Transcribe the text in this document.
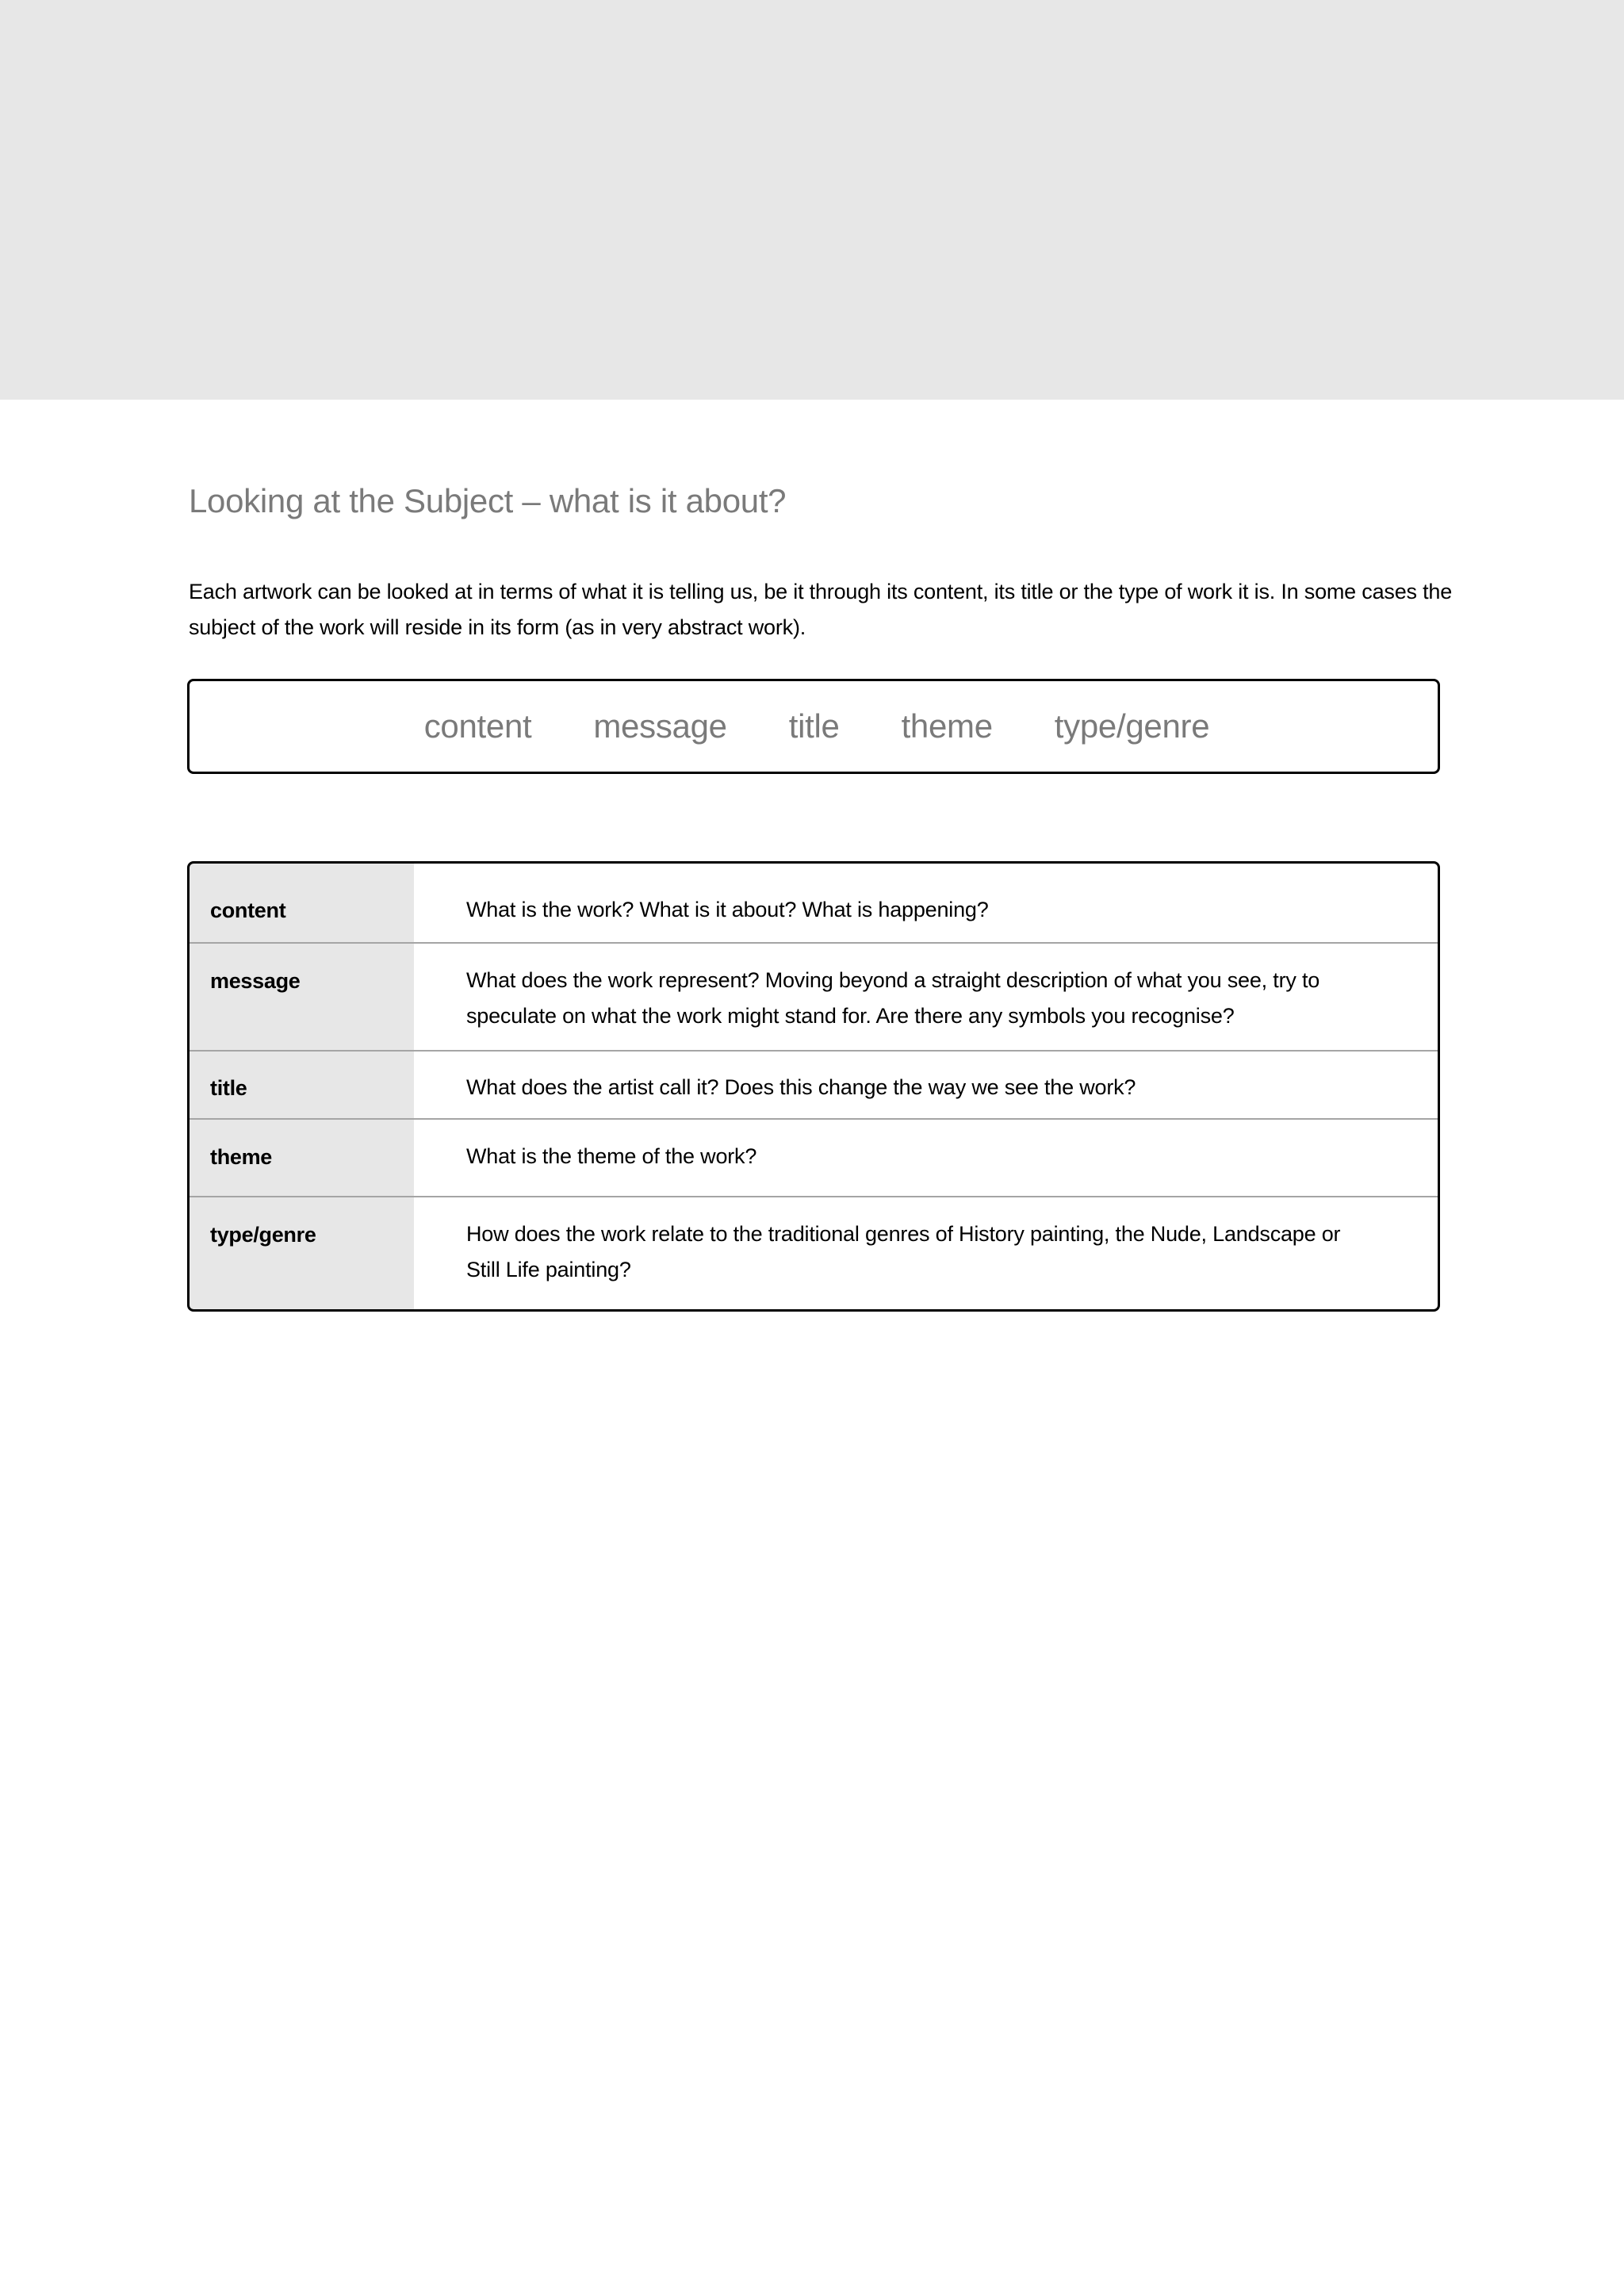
Looking at the Subject – what is it about?

Each artwork can be looked at in terms of what it is telling us, be it through its content, its title or the type of work it is. In some cases the subject of the work will reside in its form (as in very abstract work).

content message title theme type/genre
content	What is the work? What is it about? What is happening?
message	What does the work represent? Moving beyond a straight description of what you see, try to speculate on what the work might stand for. Are there any symbols you recognise?
title	What does the artist call it? Does this change the way we see the work?
theme	What is the theme of the work?
type/genre	How does the work relate to the traditional genres of History painting, the Nude, Landscape or Still Life painting?
